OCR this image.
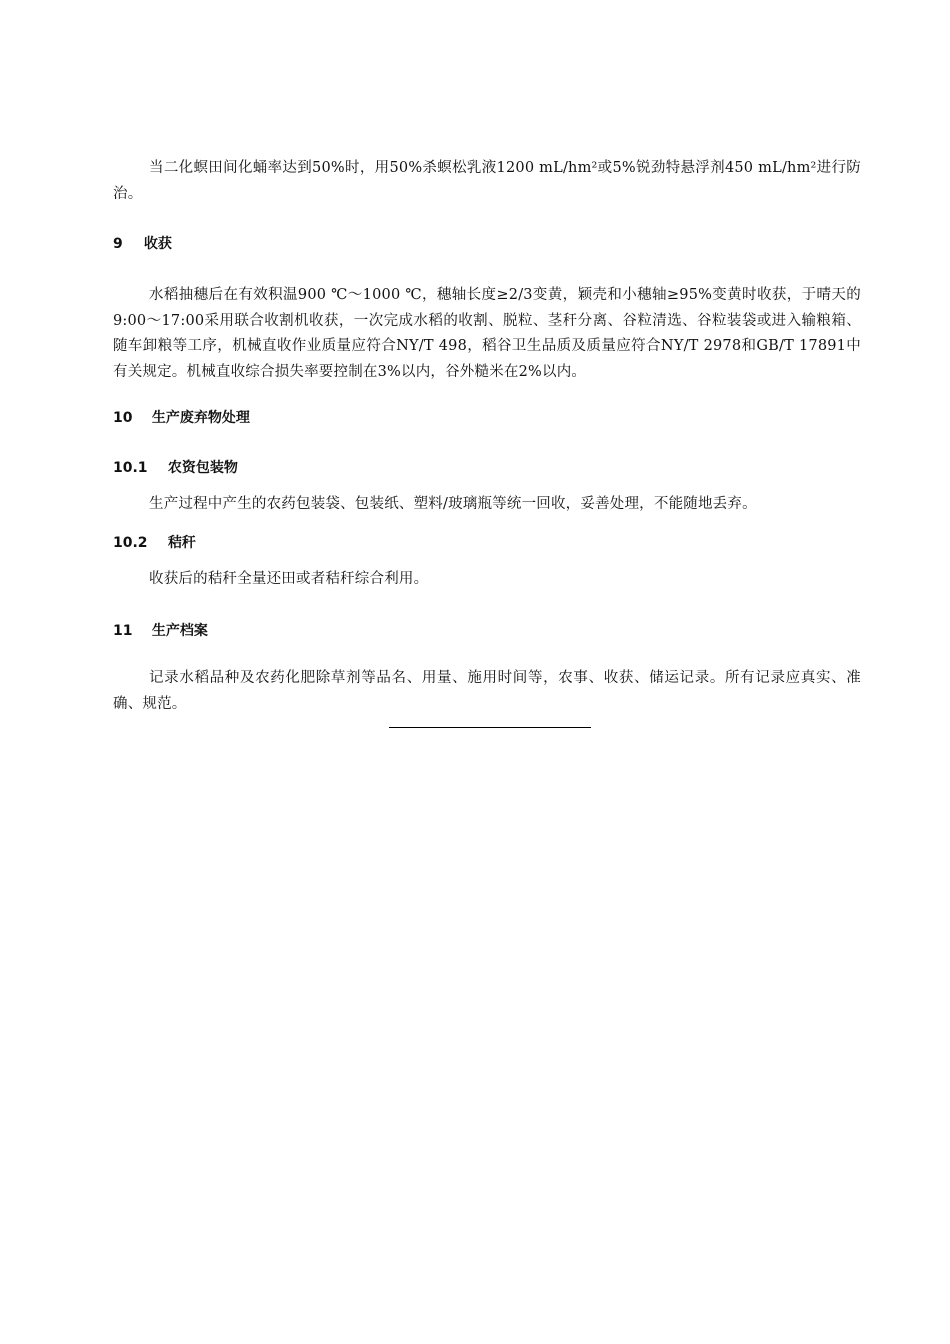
当二化螟田间化蛹率达到50%时，用50%杀螟松乳液1200 mL/hm²或5%锐劲特悬浮剂450 mL/hm²进行防治。

9 收获

水稻抽穗后在有效积温900 ℃～1000 ℃，穗轴长度≥2/3变黄，颖壳和小穗轴≥95%变黄时收获，于晴天的9:00～17:00采用联合收割机收获，一次完成水稻的收割、脱粒、茎秆分离、谷粒清选、谷粒装袋或进入输粮箱、随车卸粮等工序，机械直收作业质量应符合NY/T 498，稻谷卫生品质及质量应符合NY/T 2978和GB/T 17891中有关规定。机械直收综合损失率要控制在3%以内，谷外糙米在2%以内。

10 生产废弃物处理
10.1 农资包装物

生产过程中产生的农药包装袋、包装纸、塑料/玻璃瓶等统一回收，妥善处理，不能随地丢弃。

10.2 秸秆

收获后的秸秆全量还田或者秸秆综合利用。

11 生产档案

记录水稻品种及农药化肥除草剂等品名、用量、施用时间等，农事、收获、储运记录。所有记录应真实、准确、规范。
